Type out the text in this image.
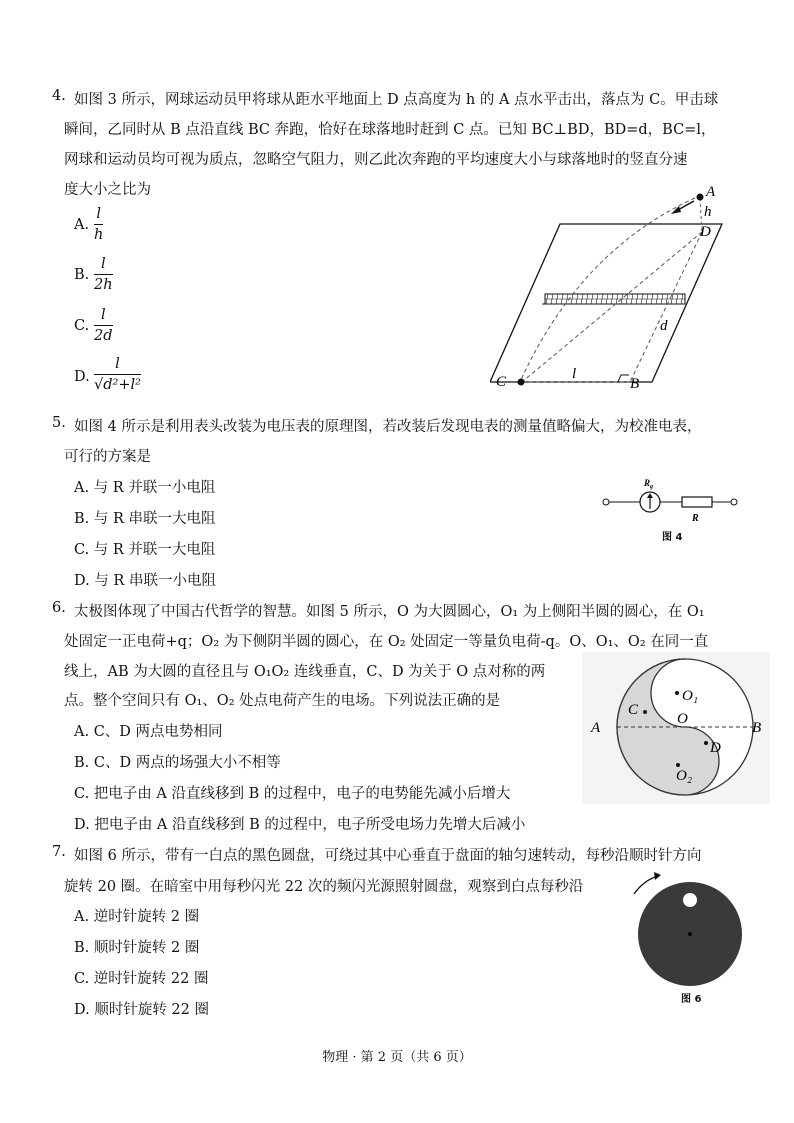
4. 如图 3 所示，网球运动员甲将球从距水平地面上 D 点高度为 h 的 A 点水平击出，落点为 C。甲击球
瞬间，乙同时从 B 点沿直线 BC 奔跑，恰好在球落地时赶到 C 点。已知 BC⊥BD，BD=d，BC=l，
网球和运动员均可视为质点，忽略空气阻力，则乙此次奔跑的平均速度大小与球落地时的竖直分速
度大小之比为
A.
l
h
B.
l
2h
C.
l
2d
D.
l
√d²+l²
A
h
D
d
C	l
B
5. 如图 4 所示是利用表头改装为电压表的原理图，若改装后发现电表的测量值略偏大，为校准电表，
可行的方案是
A. 与 R 并联一小电阻
B. 与 R 串联一大电阻
C. 与 R 并联一大电阻
D. 与 R 串联一小电阻
$R_g$
R
图 4
6. 太极图体现了中国古代哲学的智慧。如图 5 所示，O 为大圆圆心，O₁ 为上侧阳半圆的圆心，在 O₁
处固定一正电荷+q；O₂ 为下侧阴半圆的圆心，在 O₂ 处固定一等量负电荷-q。O、O₁、O₂ 在同一直
线上，AB 为大圆的直径且与 O₁O₂ 连线垂直，C、D 为关于 O 点对称的两
点。整个空间只有 O₁、O₂ 处点电荷产生的电场。下列说法正确的是
A. C、D 两点电势相同
B. C、D 两点的场强大小不相等
C. 把电子由 A 沿直线移到 B 的过程中，电子的电势能先减小后增大
D. 把电子由 A 沿直线移到 B 的过程中，电子所受电场力先增大后减小
O₁
C
O
A	B
D
O₂
7. 如图 6 所示，带有一白点的黑色圆盘，可绕过其中心垂直于盘面的轴匀速转动，每秒沿顺时针方向
旋转 20 圈。在暗室中用每秒闪光 22 次的频闪光源照射圆盘，观察到白点每秒沿
A. 逆时针旋转 2 圈
B. 顺时针旋转 2 圈
C. 逆时针旋转 22 圈
D. 顺时针旋转 22 圈
图 6
物理 · 第 2 页（共 6 页）
